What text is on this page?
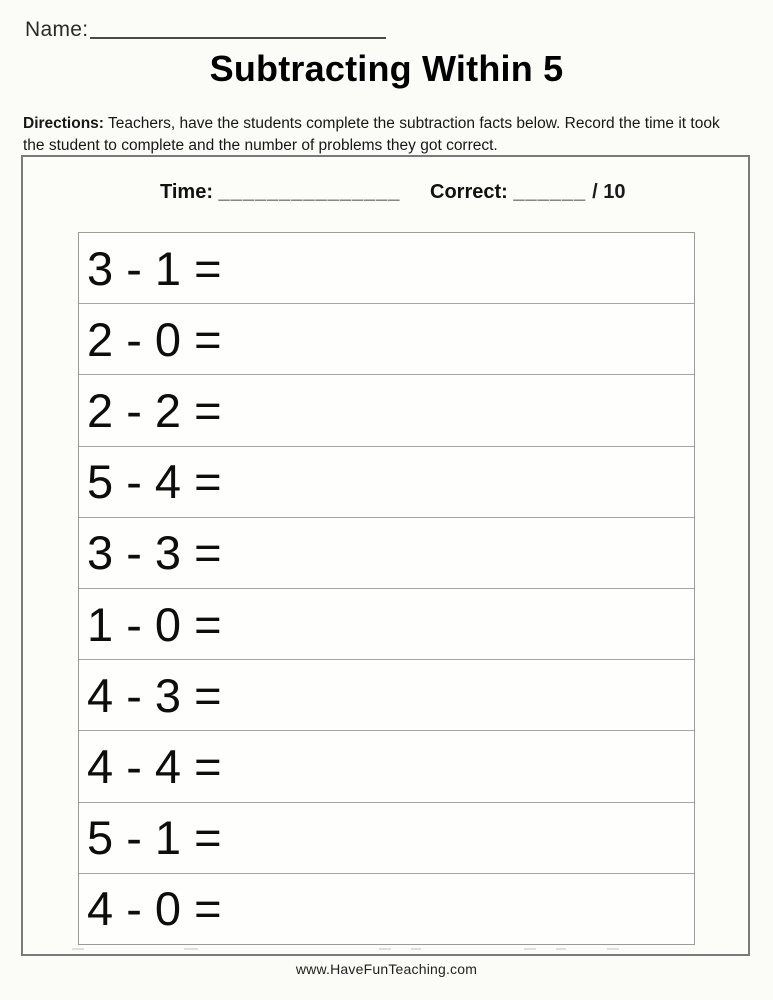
Name:
Subtracting Within 5

Directions: Teachers, have the students complete the subtraction facts below. Record the time it took the student to complete and the number of problems they got correct.

Time: _______________ Correct: ______ / 10
3 - 1 =
2 - 0 =
2 - 2 =
5 - 4 =
3 - 3 =
1 - 0 =
4 - 3 =
4 - 4 =
5 - 1 =
4 - 0 =
www.HaveFunTeaching.com
